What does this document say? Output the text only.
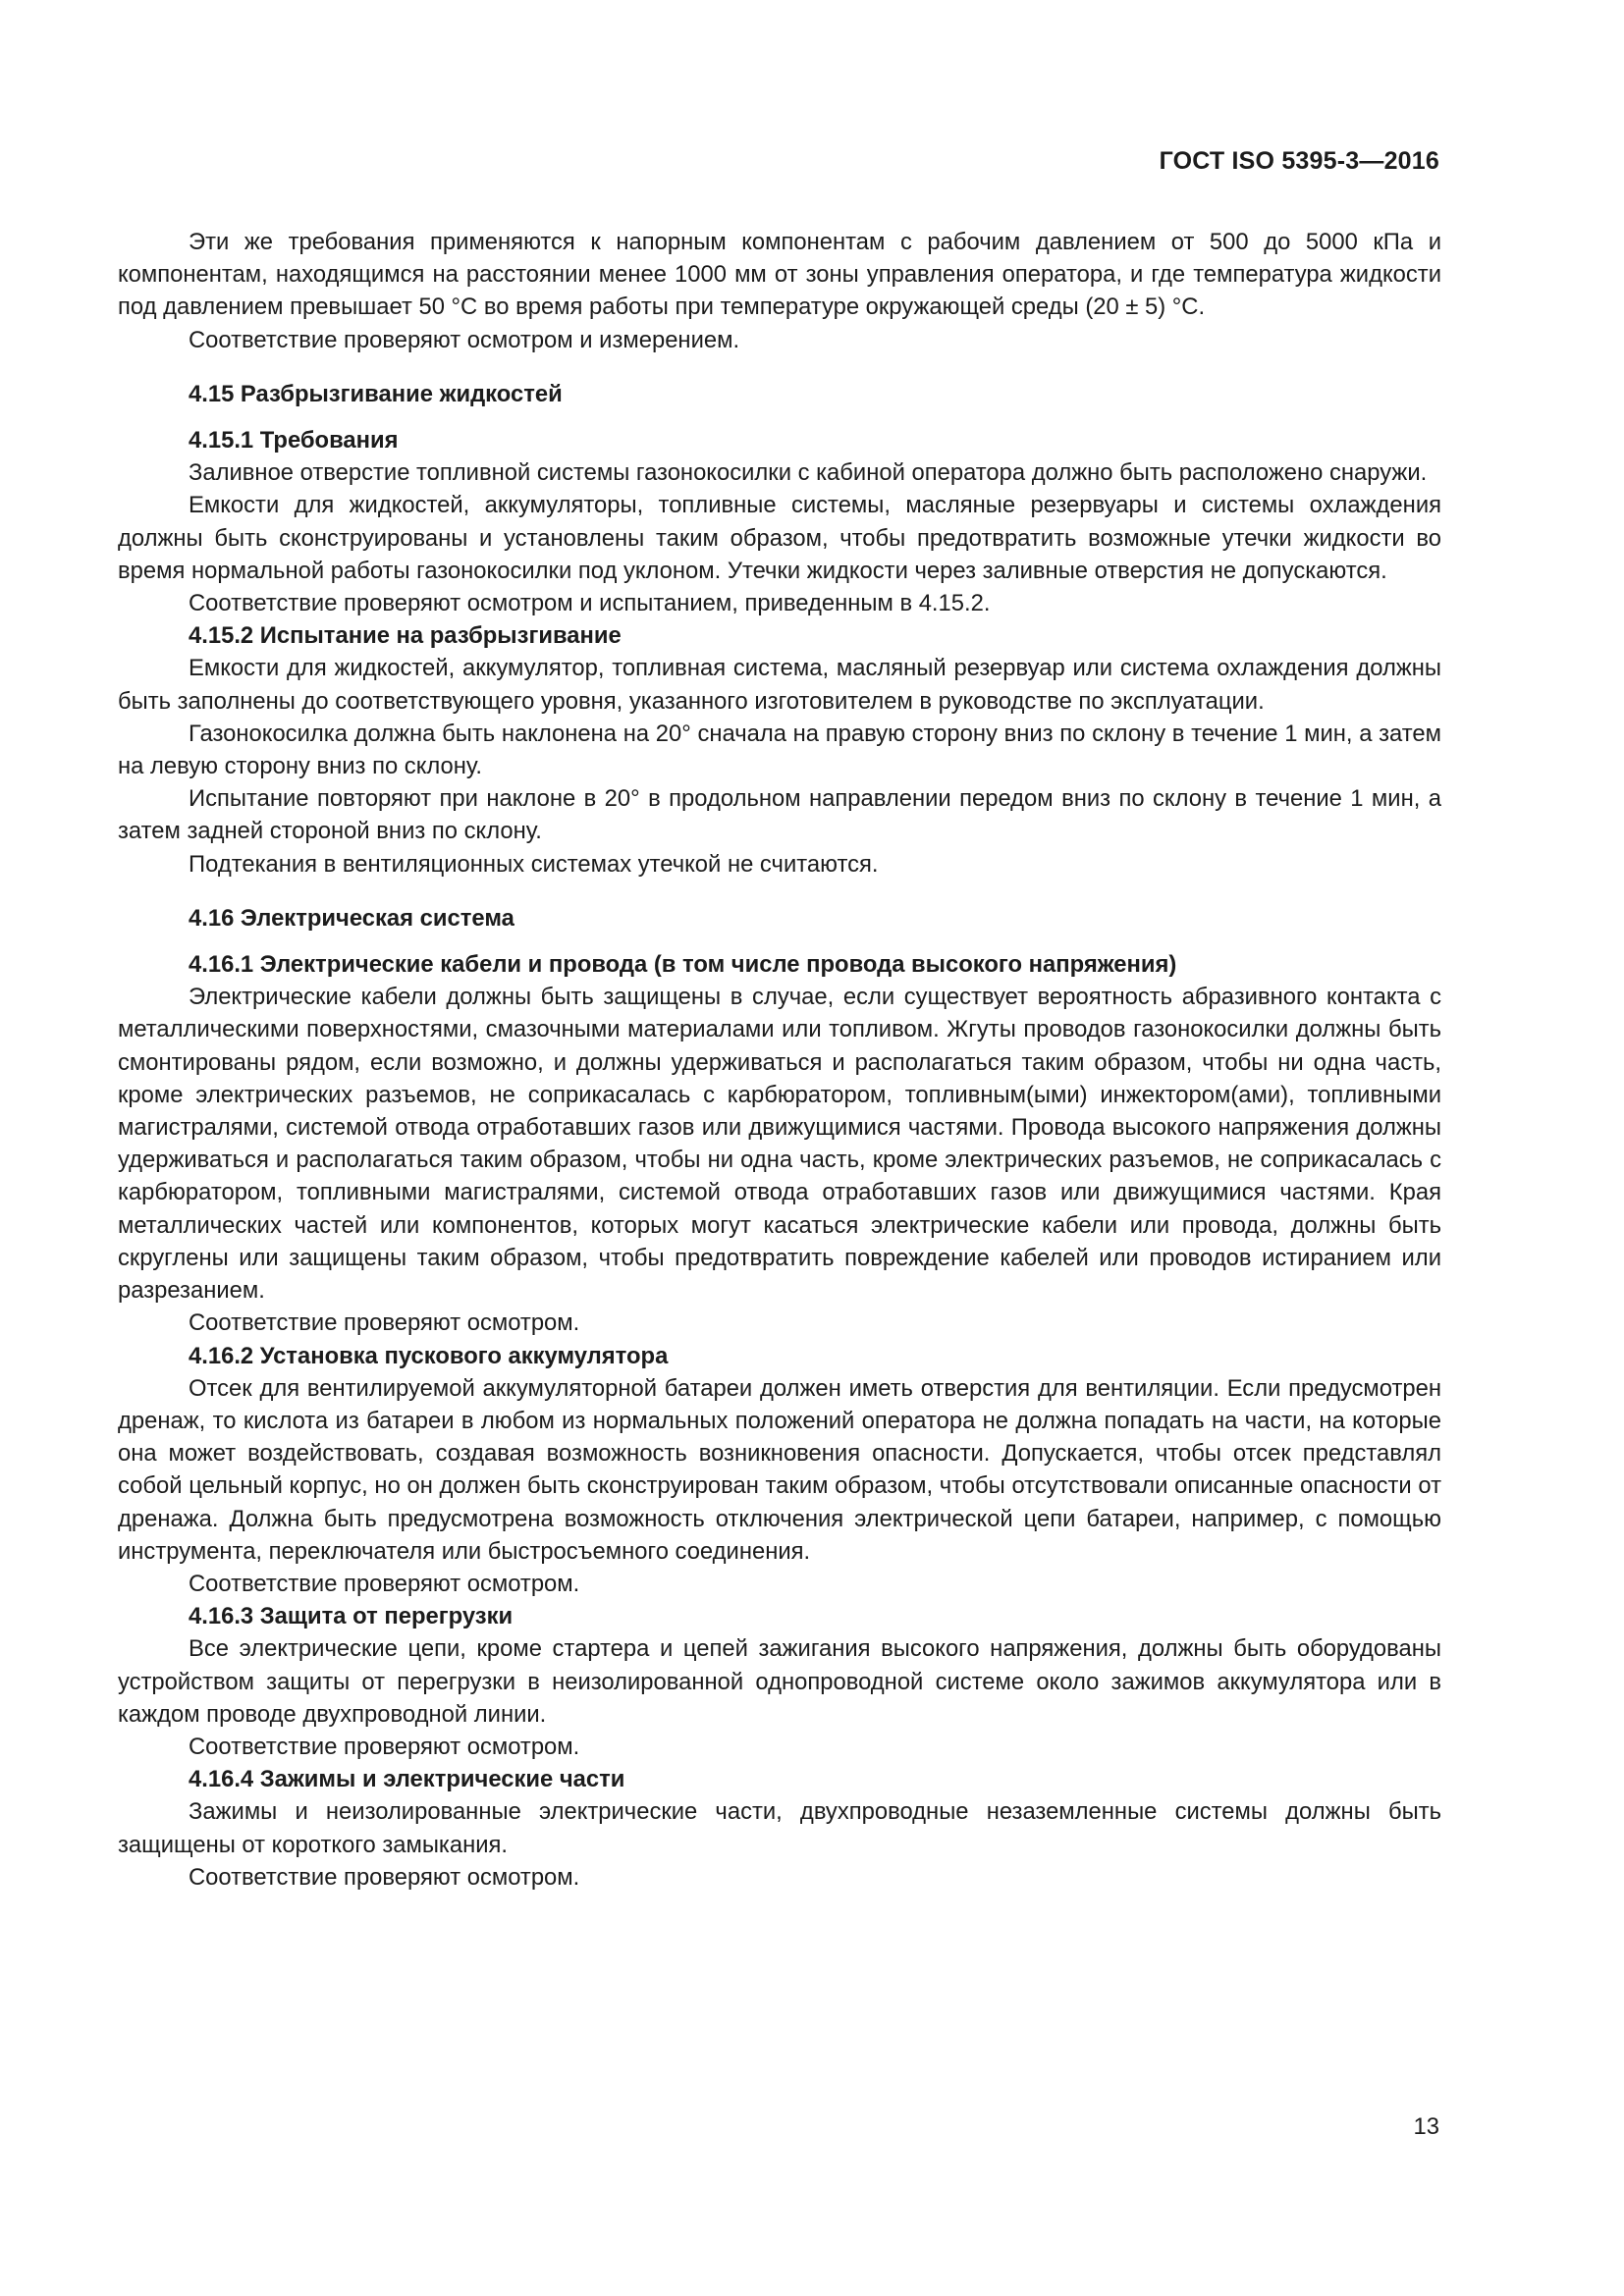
ГОСТ ISO 5395-3—2016

Эти же требования применяются к напорным компонентам с рабочим давлением от 500 до 5000 кПа и компонентам, находящимся на расстоянии менее 1000 мм от зоны управления оператора, и где температура жидкости под давлением превышает 50 °С во время работы при температуре окружающей среды (20 ± 5) °С.

Соответствие проверяют осмотром и измерением.

4.15 Разбрызгивание жидкостей
4.15.1 Требования

Заливное отверстие топливной системы газонокосилки с кабиной оператора должно быть расположено снаружи.

Емкости для жидкостей, аккумуляторы, топливные системы, масляные резервуары и системы охлаждения должны быть сконструированы и установлены таким образом, чтобы предотвратить возможные утечки жидкости во время нормальной работы газонокосилки под уклоном. Утечки жидкости через заливные отверстия не допускаются.

Соответствие проверяют осмотром и испытанием, приведенным в 4.15.2.

4.15.2 Испытание на разбрызгивание

Емкости для жидкостей, аккумулятор, топливная система, масляный резервуар или система охлаждения должны быть заполнены до соответствующего уровня, указанного изготовителем в руководстве по эксплуатации.

Газонокосилка должна быть наклонена на 20° сначала на правую сторону вниз по склону в течение 1 мин, а затем на левую сторону вниз по склону.

Испытание повторяют при наклоне в 20° в продольном направлении передом вниз по склону в течение 1 мин, а затем задней стороной вниз по склону.

Подтекания в вентиляционных системах утечкой не считаются.

4.16 Электрическая система
4.16.1 Электрические кабели и провода (в том числе провода высокого напряжения)

Электрические кабели должны быть защищены в случае, если существует вероятность абразивного контакта с металлическими поверхностями, смазочными материалами или топливом. Жгуты проводов газонокосилки должны быть смонтированы рядом, если возможно, и должны удерживаться и располагаться таким образом, чтобы ни одна часть, кроме электрических разъемов, не соприкасалась с карбюратором, топливным(ыми) инжектором(ами), топливными магистралями, системой отвода отработавших газов или движущимися частями. Провода высокого напряжения должны удерживаться и располагаться таким образом, чтобы ни одна часть, кроме электрических разъемов, не соприкасалась с карбюратором, топливными магистралями, системой отвода отработавших газов или движущимися частями. Края металлических частей или компонентов, которых могут касаться электрические кабели или провода, должны быть скруглены или защищены таким образом, чтобы предотвратить повреждение кабелей или проводов истиранием или разрезанием.

Соответствие проверяют осмотром.

4.16.2 Установка пускового аккумулятора

Отсек для вентилируемой аккумуляторной батареи должен иметь отверстия для вентиляции. Если предусмотрен дренаж, то кислота из батареи в любом из нормальных положений оператора не должна попадать на части, на которые она может воздействовать, создавая возможность возникновения опасности. Допускается, чтобы отсек представлял собой цельный корпус, но он должен быть сконструирован таким образом, чтобы отсутствовали описанные опасности от дренажа. Должна быть предусмотрена возможность отключения электрической цепи батареи, например, с помощью инструмента, переключателя или быстросъемного соединения.

Соответствие проверяют осмотром.

4.16.3 Защита от перегрузки

Все электрические цепи, кроме стартера и цепей зажигания высокого напряжения, должны быть оборудованы устройством защиты от перегрузки в неизолированной однопроводной системе около зажимов аккумулятора или в каждом проводе двухпроводной линии.

Соответствие проверяют осмотром.

4.16.4 Зажимы и электрические части

Зажимы и неизолированные электрические части, двухпроводные незаземленные системы должны быть защищены от короткого замыкания.

Соответствие проверяют осмотром.

13
